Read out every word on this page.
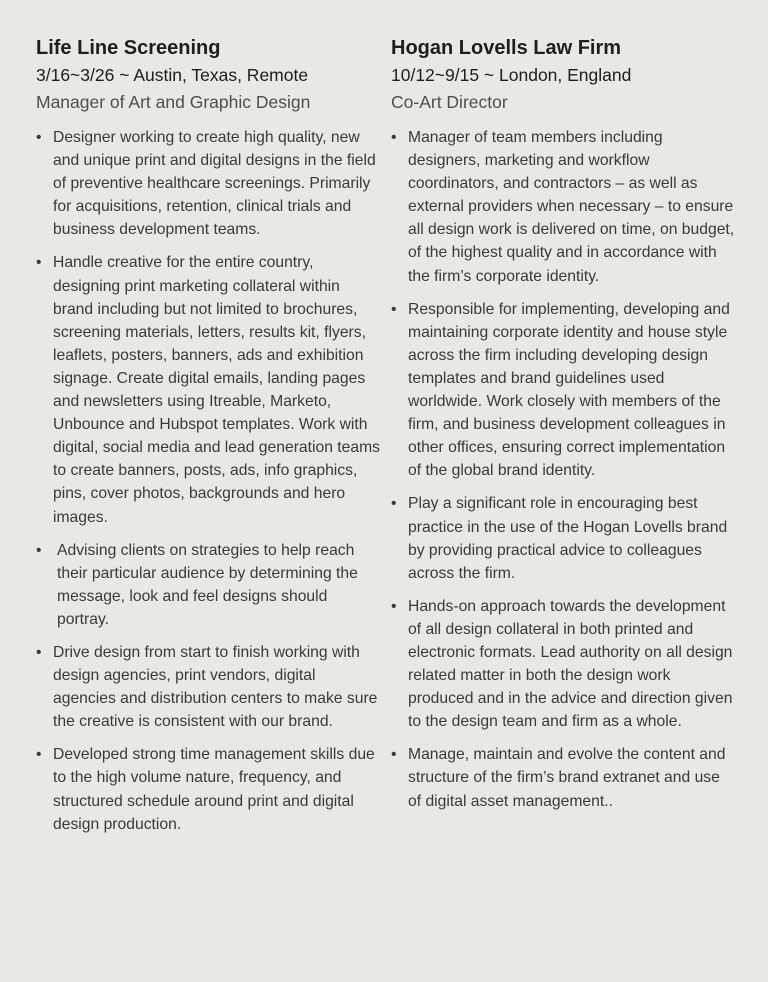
Life Line Screening

3/16~3/26 ~ Austin, Texas, Remote

Manager of Art and Graphic Design

• Designer working to create high quality, new and unique print and digital designs in the field of preventive healthcare screenings. Primarily for acquisitions, retention, clinical trials and business development teams.
• Handle creative for the entire country, designing print marketing collateral within brand including but not limited to brochures, screening materials, letters, results kit, flyers, leaflets, posters, banners, ads and exhibition signage. Create digital emails, landing pages and newsletters using Itreable, Marketo, Unbounce and Hubspot templates. Work with digital, social media and lead generation teams to create banners, posts, ads, info graphics, pins, cover photos, backgrounds and hero images.
• Advising clients on strategies to help reach their particular audience by determining the message, look and feel designs should portray.
• Drive design from start to finish working with design agencies, print vendors, digital agencies and distribution centers to make sure the creative is consistent with our brand.
• Developed strong time management skills due to the high volume nature, frequency, and structured schedule around print and digital design production.
Hogan Lovells Law Firm

10/12~9/15 ~ London, England

Co-Art Director

• Manager of team members including designers, marketing and workflow coordinators, and contractors – as well as external providers when necessary – to ensure all design work is delivered on time, on budget, of the highest quality and in accordance with the firm’s corporate identity.
• Responsible for implementing, developing and maintaining corporate identity and house style across the firm including developing design templates and brand guidelines used worldwide. Work closely with members of the firm, and business development colleagues in other offices, ensuring correct implementation of the global brand identity.
• Play a significant role in encouraging best practice in the use of the Hogan Lovells brand by providing practical advice to colleagues across the firm.
• Hands-on approach towards the development of all design collateral in both printed and electronic formats. Lead authority on all design related matter in both the design work produced and in the advice and direction given to the design team and firm as a whole.
• Manage, maintain and evolve the content and structure of the firm’s brand extranet and use of digital asset management..
